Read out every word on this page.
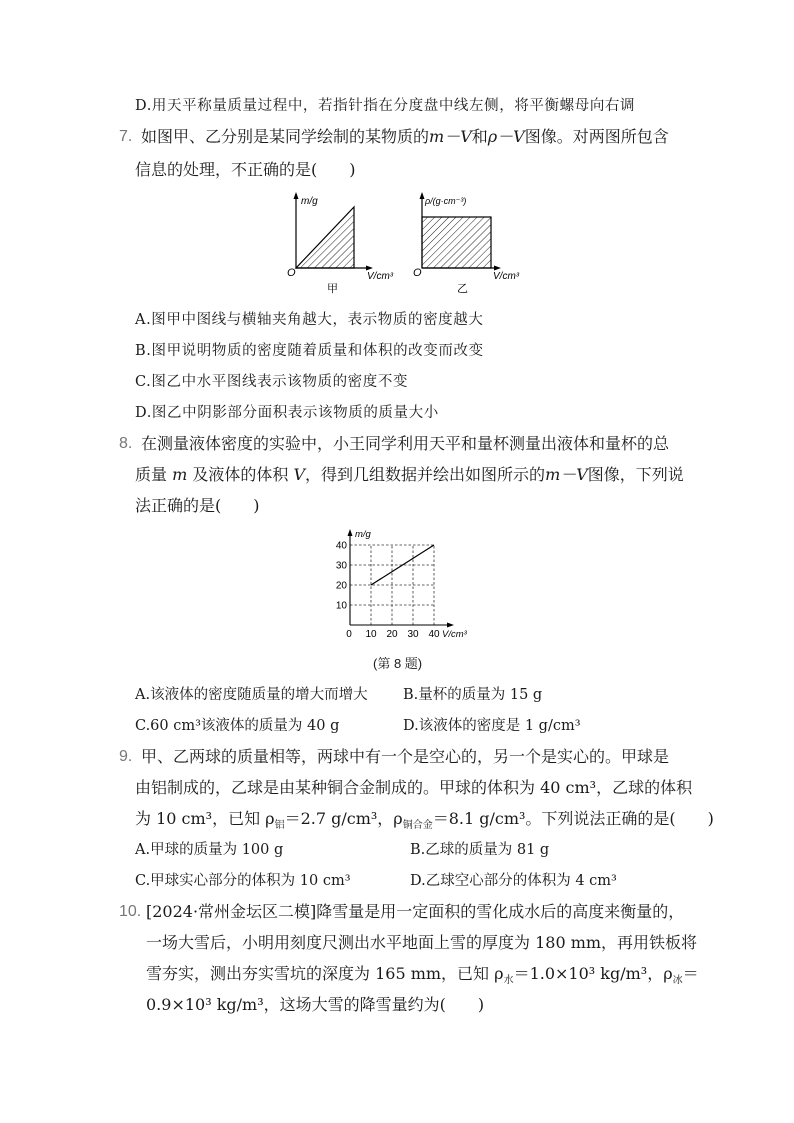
D.用天平称量质量过程中，若指针指在分度盘中线左侧，将平衡螺母向右调
7. 如图甲、乙分别是某同学绘制的某物质的m－V和ρ－V图像。对两图所包含
信息的处理，不正确的是(　　)
m/g
O	V/cm³
甲
ρ/(g·cm⁻³)
O	V/cm³
乙
A.图甲中图线与横轴夹角越大，表示物质的密度越大
B.图甲说明物质的密度随着质量和体积的改变而改变
C.图乙中水平图线表示该物质的密度不变
D.图乙中阴影部分面积表示该物质的质量大小
8. 在测量液体密度的实验中，小王同学利用天平和量杯测量出液体和量杯的总
质量 m 及液体的体积 V，得到几组数据并绘出如图所示的m－V图像，下列说
法正确的是(　　)
10
20
30
40
0 10 20 30 40
m/g
V/cm³
(第 8 题)
A.该液体的密度随质量的增大而增大 B.量杯的质量为 15 g
C.60 cm³该液体的质量为 40 g	D.该液体的密度是 1 g/cm³
9. 甲、乙两球的质量相等，两球中有一个是空心的，另一个是实心的。甲球是
由铝制成的，乙球是由某种铜合金制成的。甲球的体积为 40 cm³，乙球的体积
为 10 cm³，已知 $\rho_铝=2.7$ g/cm³，$\rho_{铜合金}=8.1$ g/cm³。下列说法正确的是(　　)
A.甲球的质量为 100 g	B.乙球的质量为 81 g
C.甲球实心部分的体积为 10 cm³	D.乙球空心部分的体积为 4 cm³
10. [2024·常州金坛区二模]降雪量是用一定面积的雪化成水后的高度来衡量的，
一场大雪后，小明用刻度尺测出水平地面上雪的厚度为 180 mm，再用铁板将
雪夯实，测出夯实雪坑的深度为 165 mm，已知 $\rho_水=1.0\times 10^3$ kg/m³，$\rho_冰=$
0.9×10³ kg/m³，这场大雪的降雪量约为(　　)
